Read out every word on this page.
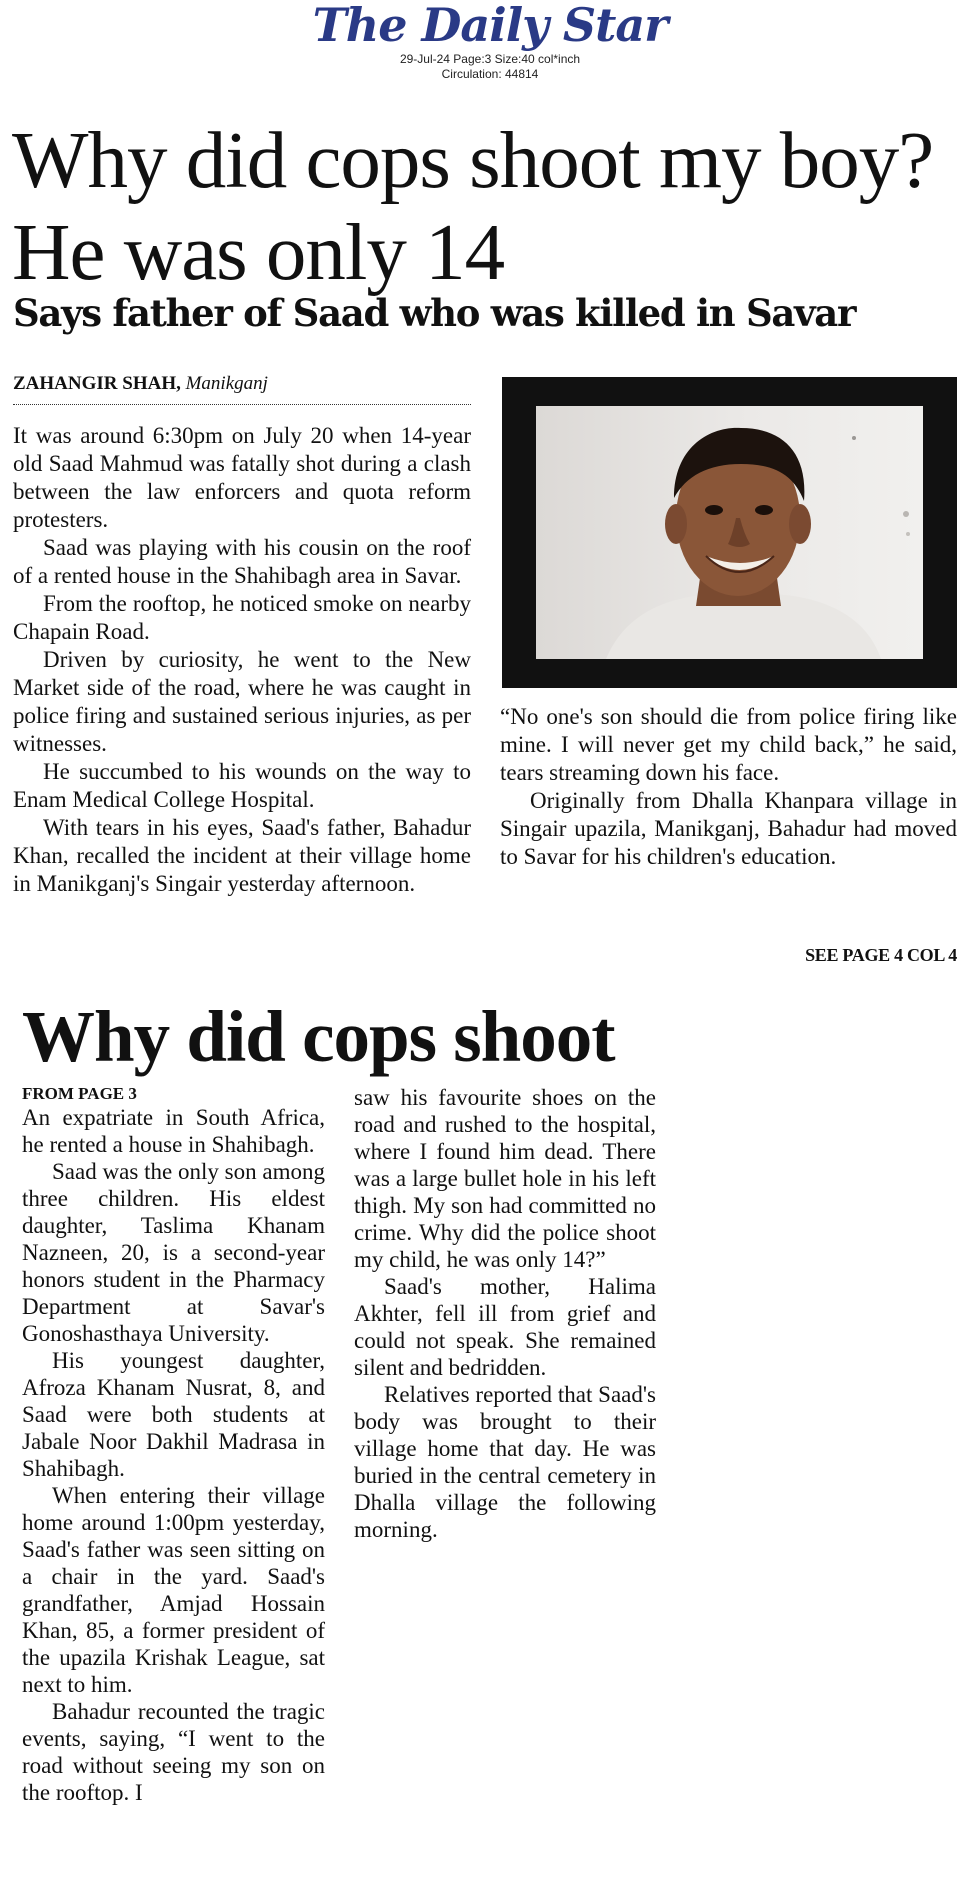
The Daily Star
29-Jul-24 Page:3 Size:40 col*inch
Circulation: 44814
Why did cops shoot my boy? He was only 14
Says father of Saad who was killed in Savar
ZAHANGIR SHAH, Manikganj

It was around 6:30pm on July 20 when 14-year old Saad Mahmud was fatally shot during a clash between the law enforcers and quota reform protesters.

Saad was playing with his cousin on the roof of a rented house in the Shahibagh area in Savar.

From the rooftop, he noticed smoke on nearby Chapain Road.

Driven by curiosity, he went to the New Market side of the road, where he was caught in police firing and sustained serious injuries, as per witnesses.

He succumbed to his wounds on the way to Enam Medical College Hospital.

With tears in his eyes, Saad's father, Bahadur Khan, recalled the incident at their village home in Manikganj's Singair yesterday afternoon.

“No one's son should die from police firing like mine. I will never get my child back,” he said, tears streaming down his face.

Originally from Dhalla Khanpara village in Singair upazila, Manikganj, Bahadur had moved to Savar for his children's education.

SEE PAGE 4 COL 4
Why did cops shoot
FROM PAGE 3

An expatriate in South Africa, he rented a house in Shahibagh.

Saad was the only son among three children. His eldest daughter, Taslima Khanam Nazneen, 20, is a second-year honors student in the Pharmacy Department at Savar's Gonoshasthaya University.

His youngest daughter, Afroza Khanam Nusrat, 8, and Saad were both students at Jabale Noor Dakhil Madrasa in Shahibagh.

When entering their village home around 1:00pm yesterday, Saad's father was seen sitting on a chair in the yard. Saad's grandfather, Amjad Hossain Khan, 85, a former president of the upazila Krishak League, sat next to him.

Bahadur recounted the tragic events, saying, “I went to the road without seeing my son on the rooftop. I

saw his favourite shoes on the road and rushed to the hospital, where I found him dead. There was a large bullet hole in his left thigh. My son had committed no crime. Why did the police shoot my child, he was only 14?”

Saad's mother, Halima Akhter, fell ill from grief and could not speak. She remained silent and bedridden.

Relatives reported that Saad's body was brought to their village home that day. He was buried in the central cemetery in Dhalla village the following morning.
